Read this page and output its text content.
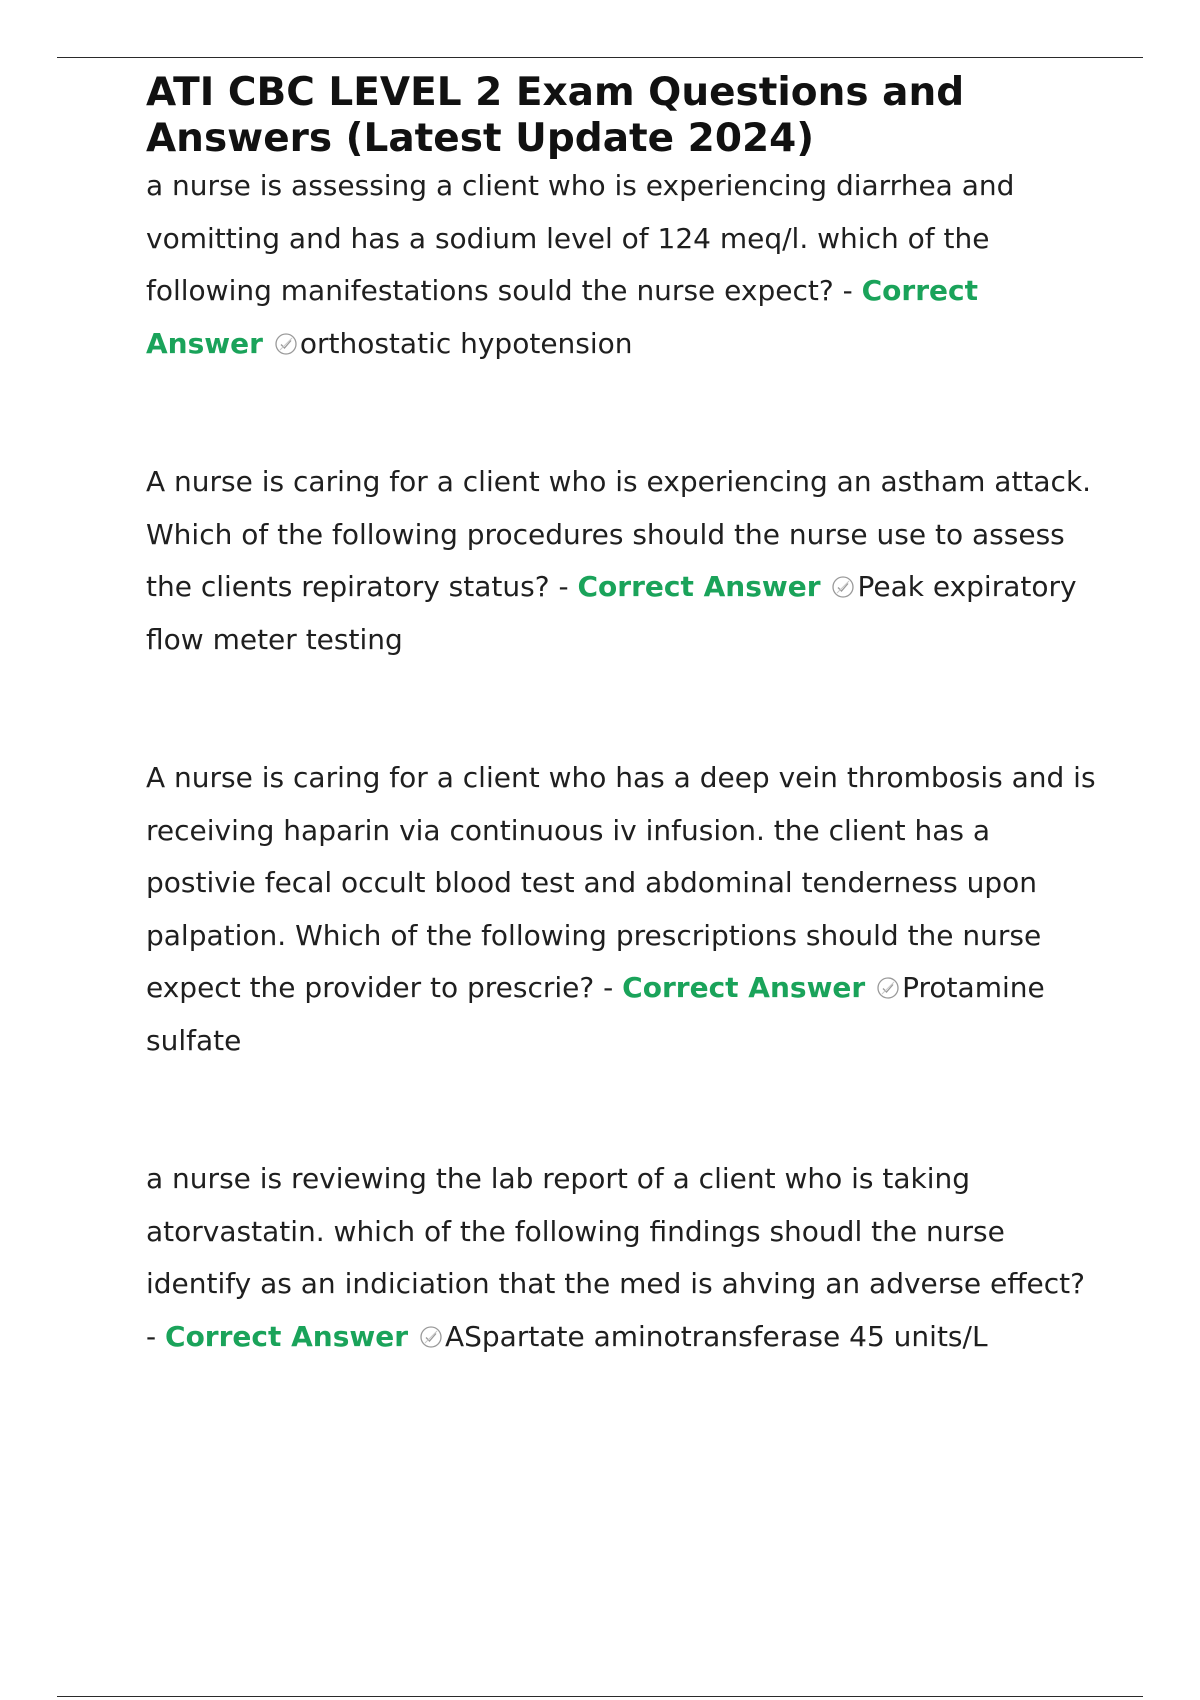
ATI CBC LEVEL 2 Exam Questions and Answers (Latest Update 2024)

a nurse is assessing a client who is experiencing diarrhea and vomitting and has a sodium level of 124 meq/l. which of the following manifestations sould the nurse expect? - Correct Answer orthostatic hypotension

A nurse is caring for a client who is experiencing an astham attack. Which of the following procedures should the nurse use to assess the clients repiratory status? - Correct Answer Peak expiratory flow meter testing

A nurse is caring for a client who has a deep vein thrombosis and is receiving haparin via continuous iv infusion. the client has a postivie fecal occult blood test and abdominal tenderness upon palpation. Which of the following prescriptions should the nurse expect the provider to prescrie? - Correct Answer Protamine sulfate

a nurse is reviewing the lab report of a client who is taking atorvastatin. which of the following findings shoudl the nurse identify as an indiciation that the med is ahving an adverse effect? - Correct Answer ASpartate aminotransferase 45 units/L
